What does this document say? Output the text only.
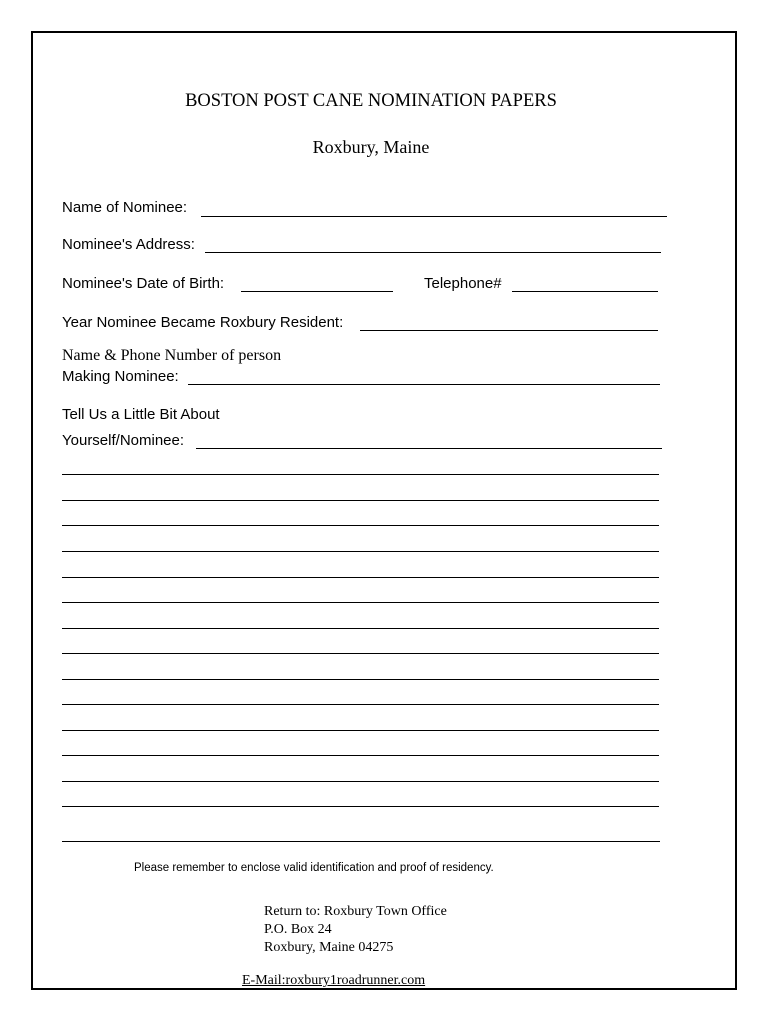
BOSTON POST CANE NOMINATION PAPERS
Roxbury, Maine
Name of Nominee:
Nominee's Address:
Nominee's Date of Birth:	Telephone#
Year Nominee Became Roxbury Resident:
Name & Phone Number of person
Making Nominee:
Tell Us a Little Bit About
Yourself/Nominee:
Please remember to enclose valid identification and proof of residency.
Return to: Roxbury Town Office
P.O. Box 24
Roxbury, Maine 04275
E-Mail:roxbury1roadrunner.com
